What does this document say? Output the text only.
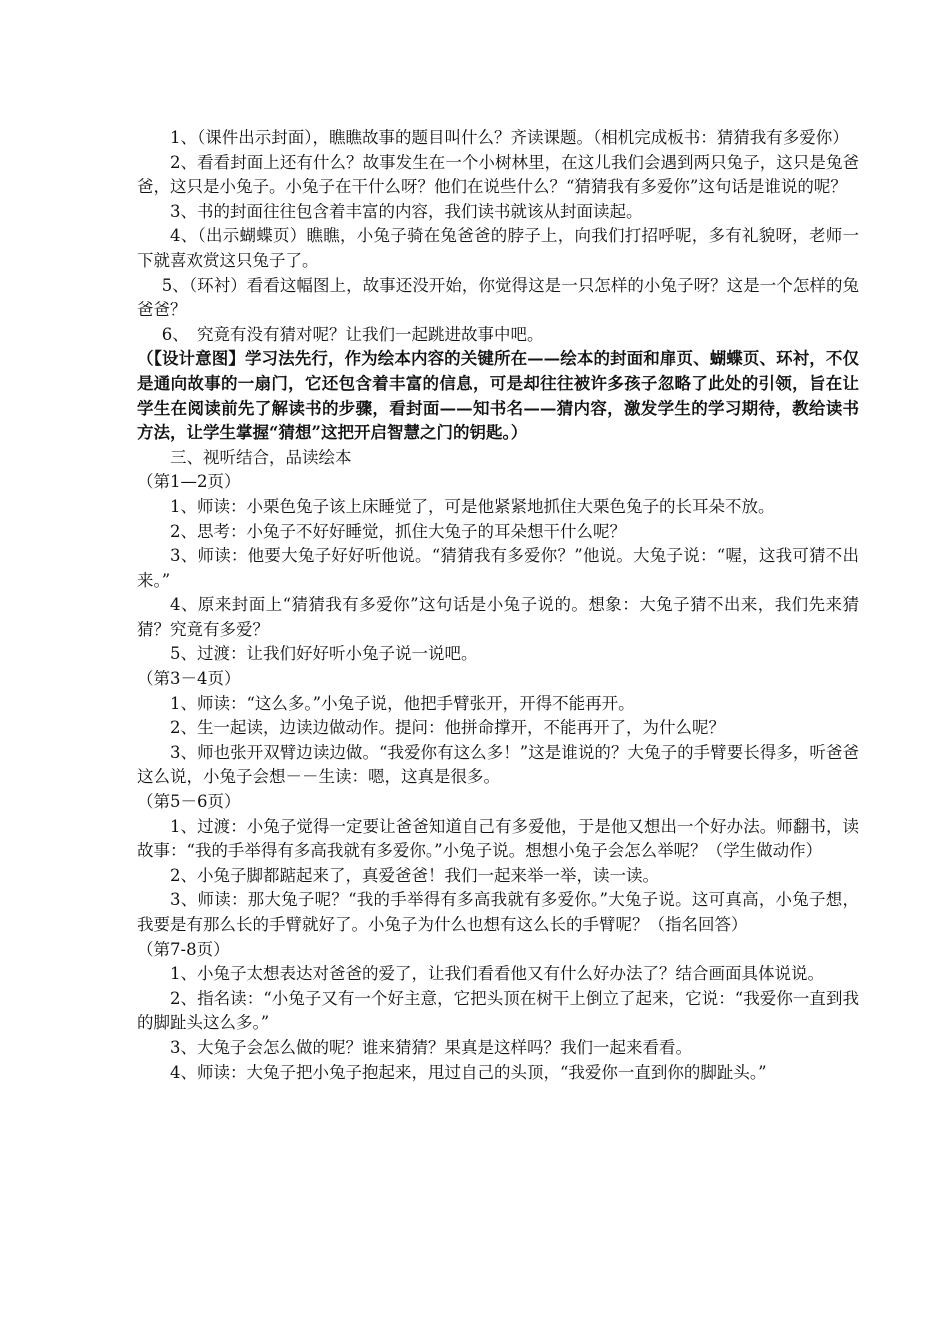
1、（课件出示封面），瞧瞧故事的题目叫什么？齐读课题。（相机完成板书：猜猜我有多爱你）

2、看看封面上还有什么？故事发生在一个小树林里，在这儿我们会遇到两只兔子，这只是兔爸爸，这只是小兔子。小兔子在干什么呀？他们在说些什么？“猜猜我有多爱你”这句话是谁说的呢？

3、书的封面往往包含着丰富的内容，我们读书就该从封面读起。

4、（出示蝴蝶页）瞧瞧，小兔子骑在兔爸爸的脖子上，向我们打招呼呢，多有礼貌呀，老师一下就喜欢赏这只兔子了。

5、（环衬）看看这幅图上，故事还没开始，你觉得这是一只怎样的小兔子呀？这是一个怎样的兔爸爸？

6、　究竟有没有猜对呢？让我们一起跳进故事中吧。

（【设计意图】学习法先行，作为绘本内容的关键所在——绘本的封面和扉页、蝴蝶页、环衬，不仅是通向故事的一扇门，它还包含着丰富的信息，可是却往往被许多孩子忽略了此处的引领，旨在让学生在阅读前先了解读书的步骤，看封面——知书名——猜内容，激发学生的学习期待，教给读书方法，让学生掌握“猜想”这把开启智慧之门的钥匙。）

三、视听结合，品读绘本

（第1—2页）

1、师读：小栗色兔子该上床睡觉了，可是他紧紧地抓住大栗色兔子的长耳朵不放。

2、思考：小兔子不好好睡觉，抓住大兔子的耳朵想干什么呢？

3、师读：他要大兔子好好听他说。“猜猜我有多爱你？”他说。大兔子说：“喔，这我可猜不出来。”

4、原来封面上“猜猜我有多爱你”这句话是小兔子说的。想象：大兔子猜不出来，我们先来猜猜？究竟有多爱？

5、过渡：让我们好好听小兔子说一说吧。

（第3－4页）

1、师读：“这么多。”小兔子说，他把手臂张开，开得不能再开。

2、生一起读，边读边做动作。提问：他拼命撑开，不能再开了，为什么呢？

3、师也张开双臂边读边做。“我爱你有这么多！”这是谁说的？大兔子的手臂要长得多，听爸爸这么说，小兔子会想－－生读：嗯，这真是很多。

（第5－6页）

1、过渡：小兔子觉得一定要让爸爸知道自己有多爱他，于是他又想出一个好办法。师翻书，读故事：“我的手举得有多高我就有多爱你。”小兔子说。想想小兔子会怎么举呢？（学生做动作）

2、小兔子脚都踮起来了，真爱爸爸！我们一起来举一举，读一读。

3、师读：那大兔子呢？“我的手举得有多高我就有多爱你。”大兔子说。这可真高，小兔子想，我要是有那么长的手臂就好了。小兔子为什么也想有这么长的手臂呢？（指名回答）

（第7-8页）

1、小兔子太想表达对爸爸的爱了，让我们看看他又有什么好办法了？结合画面具体说说。

2、指名读：“小兔子又有一个好主意，它把头顶在树干上倒立了起来，它说：“我爱你一直到我的脚趾头这么多。”

3、大兔子会怎么做的呢？谁来猜猜？果真是这样吗？我们一起来看看。

4、师读：大兔子把小兔子抱起来，甩过自己的头顶，“我爱你一直到你的脚趾头。”
